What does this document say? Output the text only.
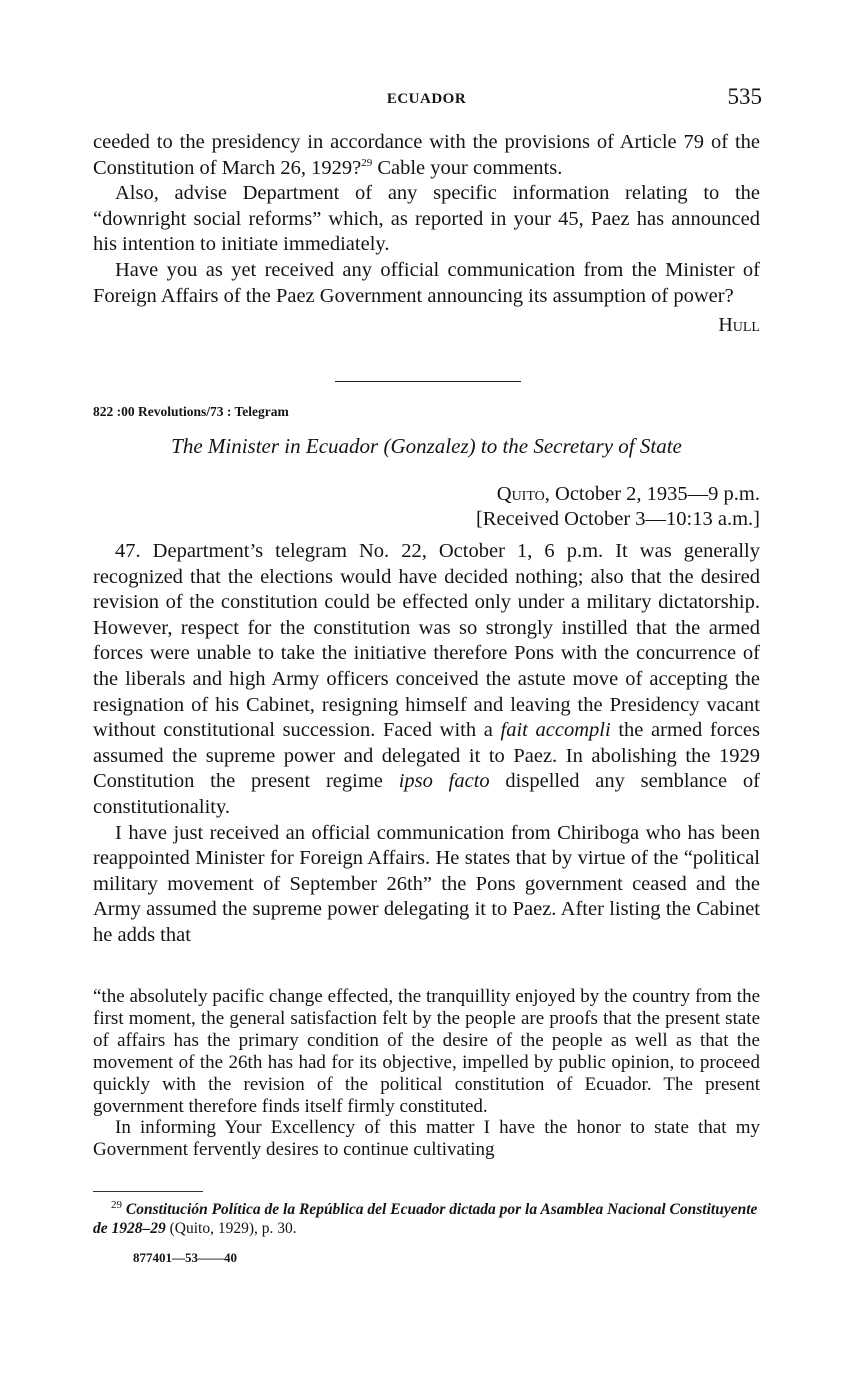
ECUADOR	535

ceeded to the presidency in accordance with the provisions of Article 79 of the Constitution of March 26, 1929?$^{29}$ Cable your comments.

Also, advise Department of any specific information relating to the “downright social reforms” which, as reported in your 45, Paez has announced his intention to initiate immediately.

Have you as yet received any official communication from the Minister of Foreign Affairs of the Paez Government announcing its assumption of power?

Hull
822 :00 Revolutions/73 : Telegram
The Minister in Ecuador (Gonzalez) to the Secretary of State
Quito, October 2, 1935—9 p.m.
[Received October 3—10:13 a.m.]

47. Department’s telegram No. 22, October 1, 6 p.m. It was generally recognized that the elections would have decided nothing; also that the desired revision of the constitution could be effected only under a military dictatorship. However, respect for the constitution was so strongly instilled that the armed forces were unable to take the initiative therefore Pons with the concurrence of the liberals and high Army officers conceived the astute move of accepting the resignation of his Cabinet, resigning himself and leaving the Presidency vacant without constitutional succession. Faced with a fait accompli the armed forces assumed the supreme power and delegated it to Paez. In abolishing the 1929 Constitution the present regime ipso facto dispelled any semblance of constitutionality.

I have just received an official communication from Chiriboga who has been reappointed Minister for Foreign Affairs. He states that by virtue of the “political military movement of September 26th” the Pons government ceased and the Army assumed the supreme power delegating it to Paez. After listing the Cabinet he adds that

“the absolutely pacific change effected, the tranquillity enjoyed by the country from the first moment, the general satisfaction felt by the people are proofs that the present state of affairs has the primary condition of the desire of the people as well as that the movement of the 26th has had for its objective, impelled by public opinion, to proceed quickly with the revision of the political constitution of Ecuador. The present government therefore finds itself firmly constituted.

In informing Your Excellency of this matter I have the honor to state that my Government fervently desires to continue cultivating

$^{29}$ Constitución Política de la República del Ecuador dictada por la Asamblea Nacional Constituyente de 1928–29 (Quito, 1929), p. 30.
877401—53——40
